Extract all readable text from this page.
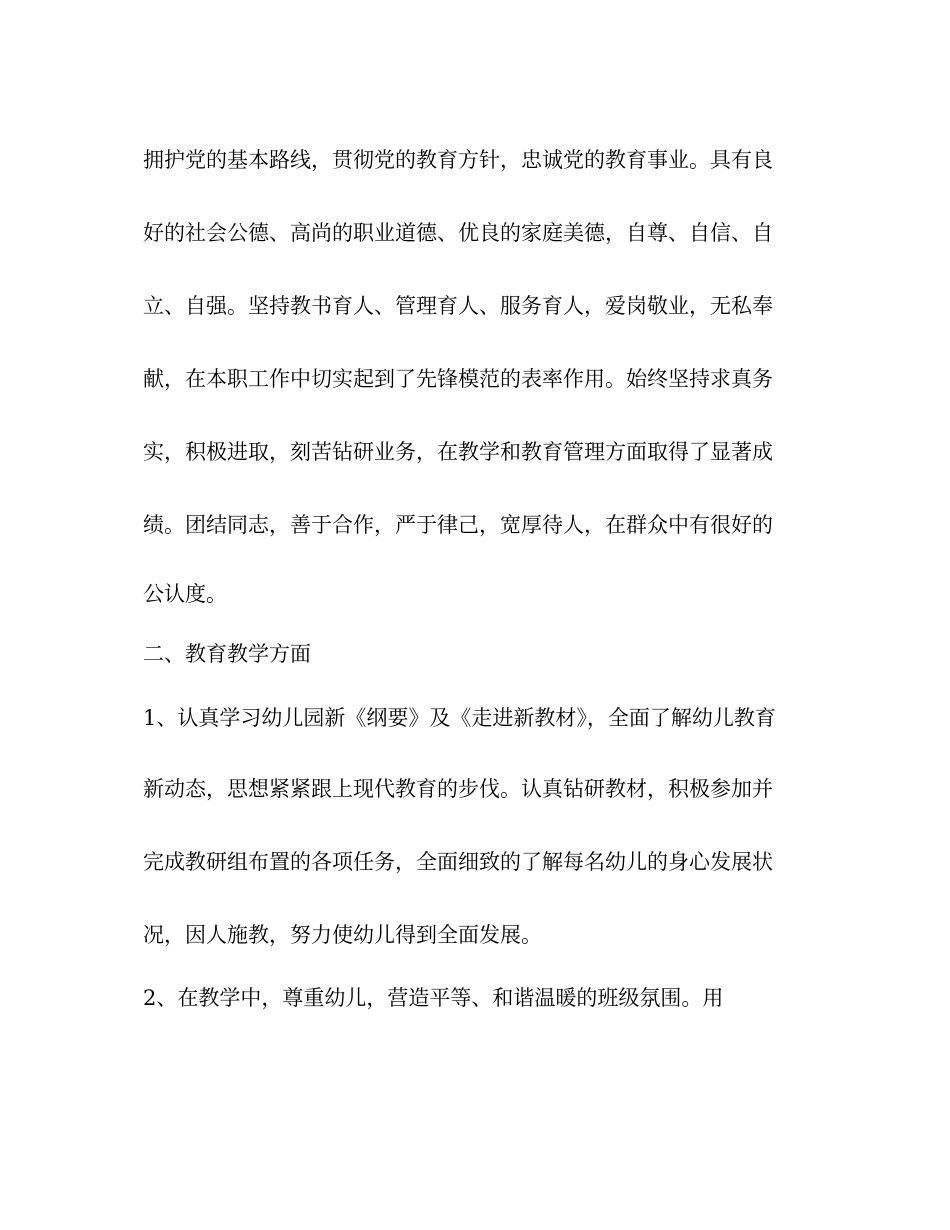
拥护党的基本路线，贯彻党的教育方针，忠诚党的教育事业。具有良
好的社会公德、高尚的职业道德、优良的家庭美德，自尊、自信、自
立、自强。坚持教书育人、管理育人、服务育人，爱岗敬业，无私奉
献，在本职工作中切实起到了先锋模范的表率作用。始终坚持求真务
实，积极进取，刻苦钻研业务，在教学和教育管理方面取得了显著成
绩。团结同志，善于合作，严于律己，宽厚待人，在群众中有很好的
公认度。
二、教育教学方面
1、认真学习幼儿园新《纲要》及《走进新教材》，全面了解幼儿教育
新动态，思想紧紧跟上现代教育的步伐。认真钻研教材，积极参加并
完成教研组布置的各项任务，全面细致的了解每名幼儿的身心发展状
况，因人施教，努力使幼儿得到全面发展。
2、在教学中，尊重幼儿，营造平等、和谐温暖的班级氛围。用
